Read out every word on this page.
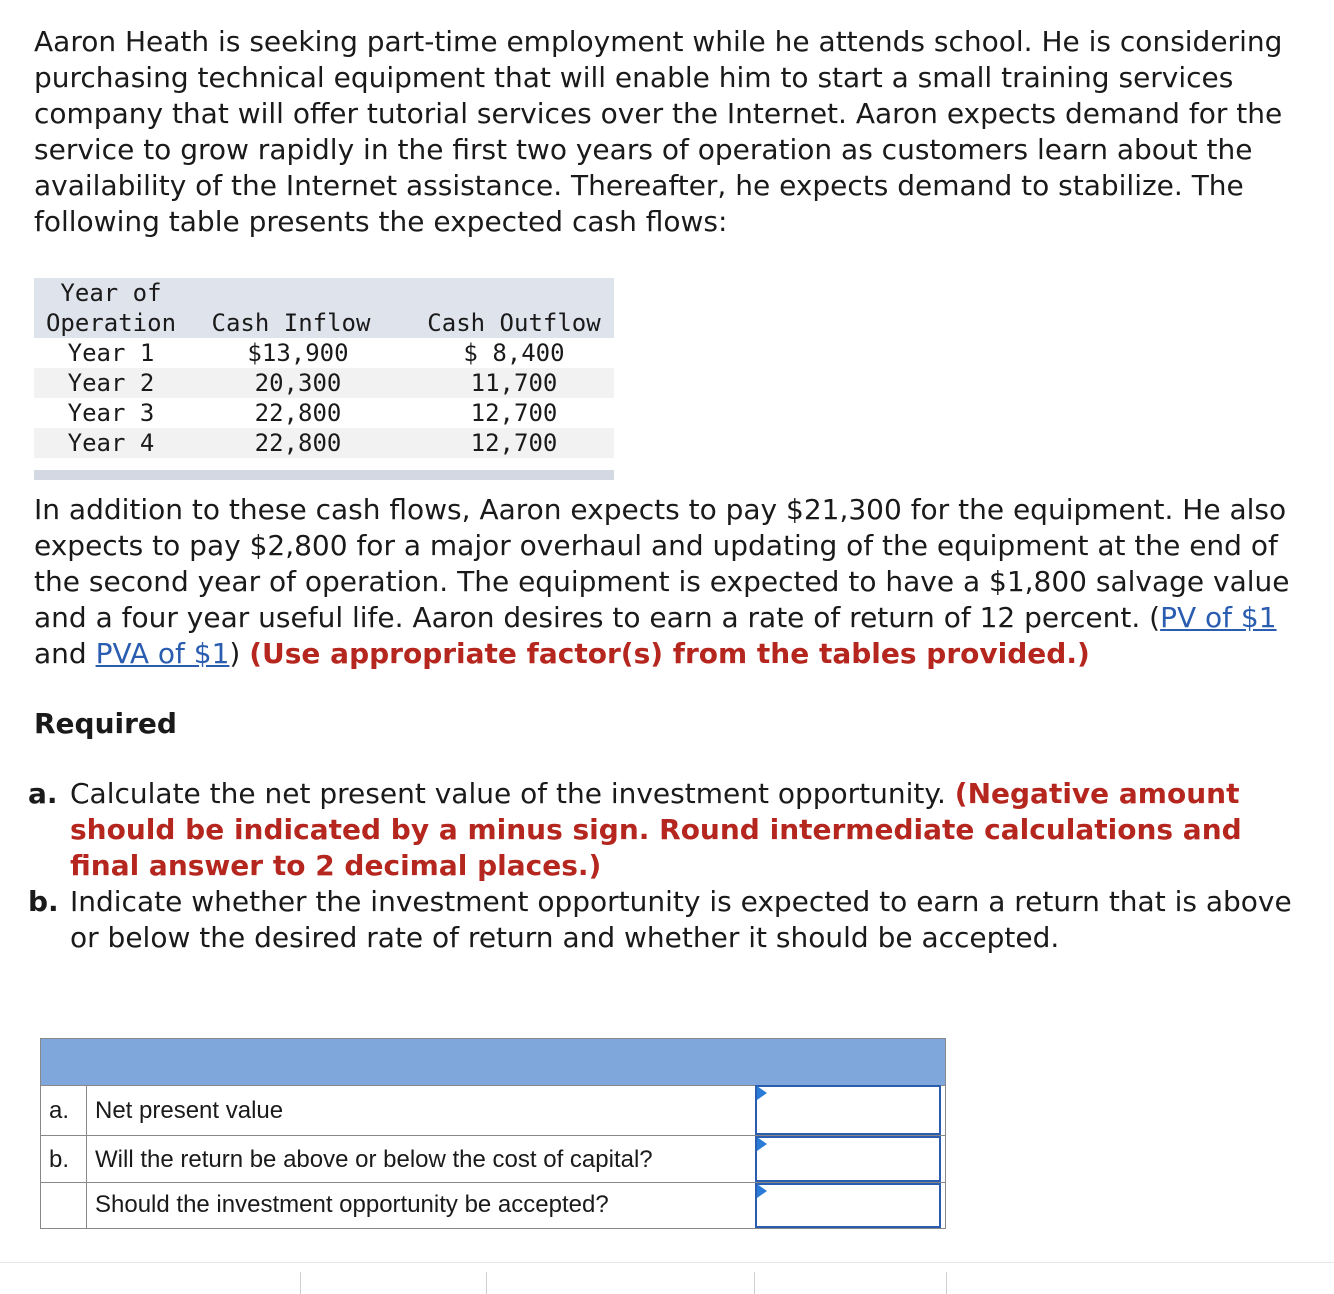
Aaron Heath is seeking part-time employment while he attends school. He is considering purchasing technical equipment that will enable him to start a small training services company that will offer tutorial services over the Internet. Aaron expects demand for the service to grow rapidly in the first two years of operation as customers learn about the availability of the Internet assistance. Thereafter, he expects demand to stabilize. The following table presents the expected cash flows:

Year of
Operation	Cash Inflow	Cash Outflow
Year 1	$13,900	$ 8,400
Year 2	20,300	11,700
Year 3	22,800	12,700
Year 4	22,800	12,700

In addition to these cash flows, Aaron expects to pay $21,300 for the equipment. He also expects to pay $2,800 for a major overhaul and updating of the equipment at the end of the second year of operation. The equipment is expected to have a $1,800 salvage value and a four year useful life. Aaron desires to earn a rate of return of 12 percent. (PV of $1 and PVA of $1) (Use appropriate factor(s) from the tables provided.)

Required
a. Calculate the net present value of the investment opportunity. (Negative amount should be indicated by a minus sign. Round intermediate calculations and final answer to 2 decimal places.)
b. Indicate whether the investment opportunity is expected to earn a return that is above or below the desired rate of return and whether it should be accepted.
a. Net present value
b. Will the return be above or below the cost of capital?
Should the investment opportunity be accepted?
